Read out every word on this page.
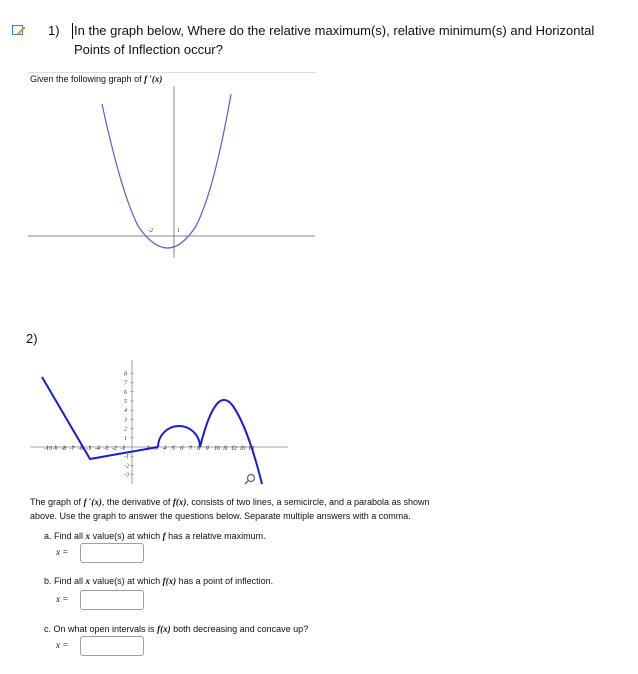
1) In the graph below, Where do the relative maximum(s), relative minimum(s) and Horizontal
Points of Inflection occur?
Given the following graph of f ′(x)
-2	1
2)
-10 -9 -8 -7 -6 -5 -4 -3 -2 -1	2 3 4 5 6 7 8 9 10 11 12 13 14
8
7
6
5
4
3
2
1
-1
-2
-3
The graph of f ′(x), the derivative of f(x), consists of two lines, a semicircle, and a parabola as shown
above. Use the graph to answer the questions below. Separate multiple answers with a comma.
a. Find all x value(s) at which f has a relative maximum.
x =
b. Find all x value(s) at which f(x) has a point of inflection.
x =
c. On what open intervals is f(x) both decreasing and concave up?
x =
